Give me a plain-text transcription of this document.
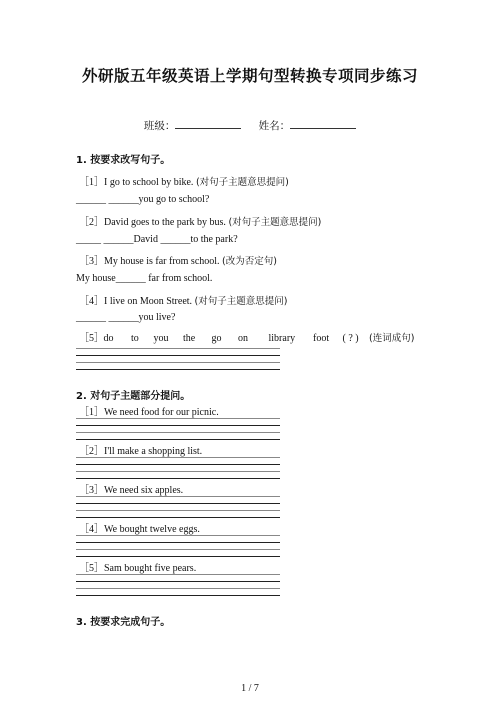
外研版五年级英语上学期句型转换专项同步练习
班级：	姓名：
1. 按要求改写句子。
［1］I go to school by bike. (对句子主题意思提问)
______ ______you go to school?
［2］David goes to the park by bus. (对句子主题意思提问)
_____ ______David ______to the park?
［3］My house is far from school. (改为否定句)
My house______ far from school.
［4］I live on Moon Street. (对句子主题意思提问)
______ ______you live?
［5］ do to you the go on library foot ( ? ) (连词成句)
2. 对句子主题部分提问。
［1］We need food for our picnic.
［2］I'll make a shopping list.
［3］We need six apples.
［4］We bought twelve eggs.
［5］Sam bought five pears.
3. 按要求完成句子。
1 / 7
